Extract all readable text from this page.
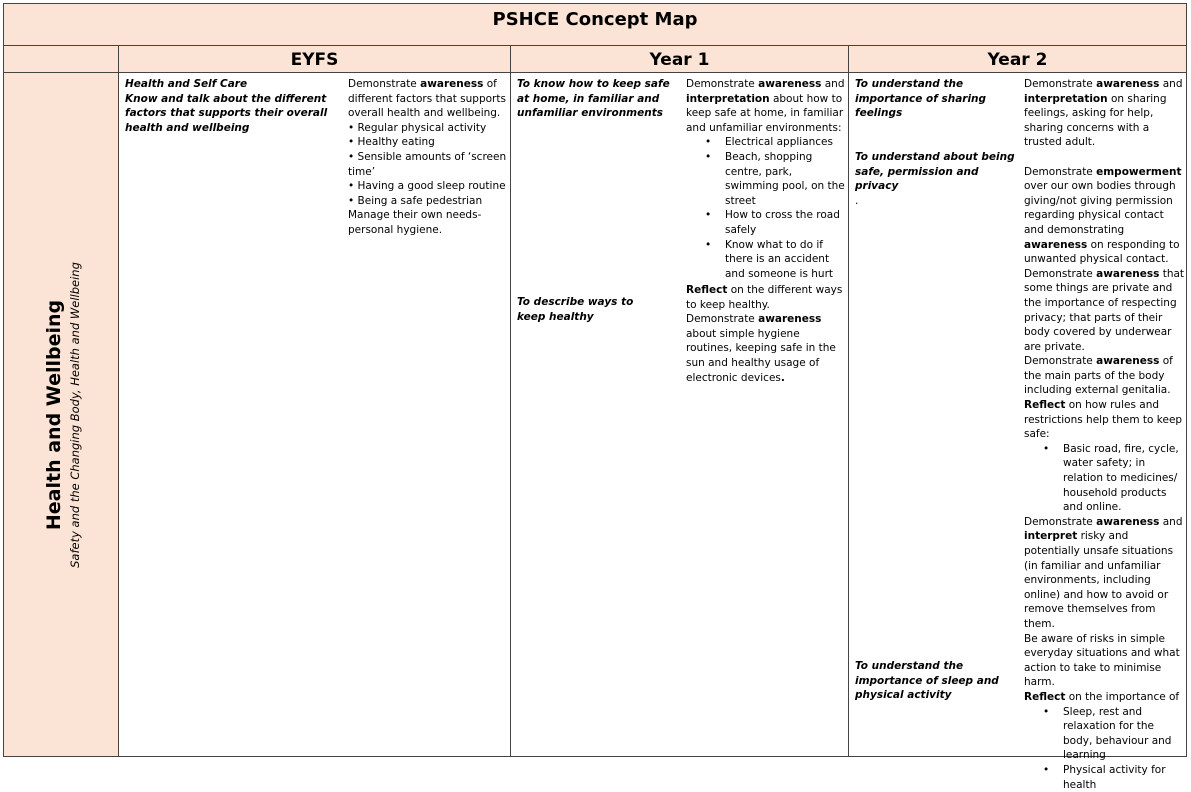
PSHCE Concept Map
EYFS	Year 1	Year 2
Health and Wellbeing Safety and the Changing Body, Health and Wellbeing
Health and Self Care
Know and talk about the different factors that supports their overall health and wellbeing
Demonstrate awareness of different factors that supports overall health and wellbeing.
• Regular physical activity
• Healthy eating
• Sensible amounts of ‘screen time’
• Having a good sleep routine
• Being a safe pedestrian
Manage their own needs- personal hygiene.
To know how to keep safe at home, in familiar and unfamiliar environments
Demonstrate awareness and interpretation about how to keep safe at home, in familiar and unfamiliar environments:
• Electrical appliances
• Beach, shopping centre, park, swimming pool, on the street
• How to cross the road safely
• Know what to do if there is an accident and someone is hurt
To describe ways to keep healthy
Reflect on the different ways to keep healthy.
Demonstrate awareness about simple hygiene routines, keeping safe in the sun and healthy usage of electronic devices.
To understand the importance of sharing feelings
To understand about being safe, permission and privacy
.
To understand the importance of sleep and physical activity
Demonstrate awareness and interpretation on sharing feelings, asking for help, sharing concerns with a trusted adult.
Demonstrate empowerment over our own bodies through giving/not giving permission regarding physical contact and demonstrating awareness on responding to unwanted physical contact.
Demonstrate awareness that some things are private and the importance of respecting privacy; that parts of their body covered by underwear are private.
Demonstrate awareness of the main parts of the body including external genitalia.
Reflect on how rules and restrictions help them to keep safe:
• Basic road, fire, cycle, water safety; in relation to medicines/ household products and online.
Demonstrate awareness and interpret risky and potentially unsafe situations (in familiar and unfamiliar environments, including online) and how to avoid or remove themselves from them.
Be aware of risks in simple everyday situations and what action to take to minimise harm.
Reflect on the importance of
• Sleep, rest and relaxation for the body, behaviour and learning
• Physical activity for health
